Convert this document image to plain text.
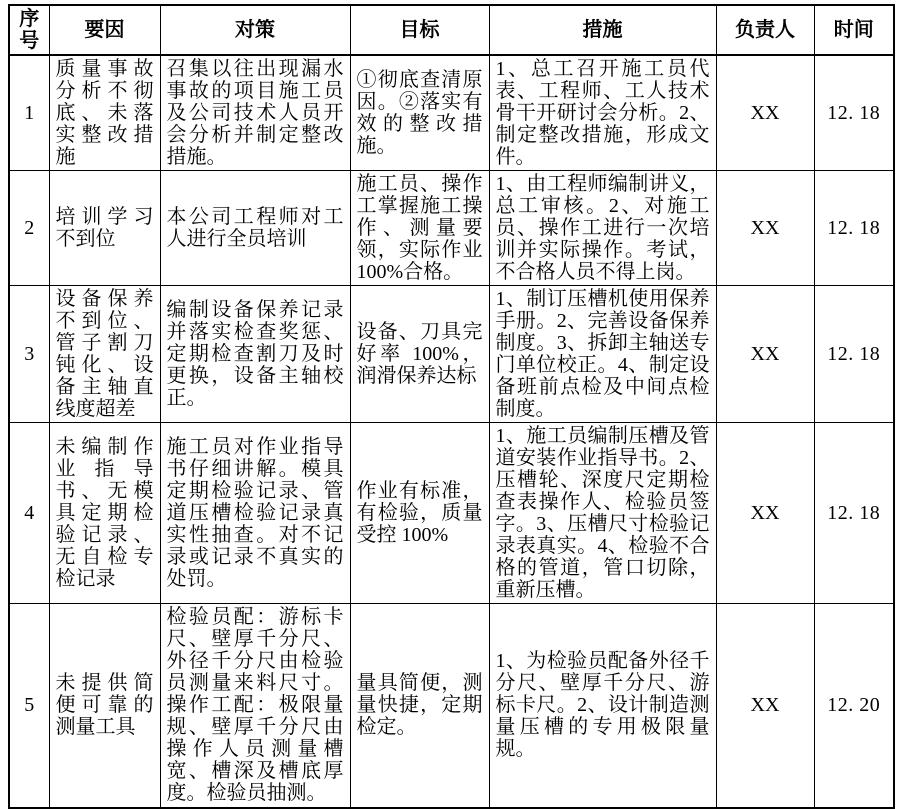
序号	要因	对策	目标	措施	负责人	时间
1	质量事故分析不彻底、未落实整改措施	召集以往出现漏水事故的项目施工员及公司技术人员开会分析并制定整改措施。	①彻底查清原因。②落实有效的整改措施。	1、总工召开施工员代表、工程师、工人技术骨干开研讨会分析。2、制定整改措施，形成文件。	XX	12. 18
2	培训学习不到位	本公司工程师对工人进行全员培训	施工员、操作工掌握施工操作、测量要领，实际作业 100%合格。	1、由工程师编制讲义，总工审核。2、对施工员、操作工进行一次培训并实际操作。考试，不合格人员不得上岗。	XX	12. 18
3	设备保养不到位、管子割刀钝化、设备主轴直线度超差	编制设备保养记录并落实检查奖惩、定期检查割刀及时更换，设备主轴校正。	设备、刀具完好率 100%，润滑保养达标	1、制订压槽机使用保养手册。2、完善设备保养制度。3、拆卸主轴送专门单位校正。4、制定设备班前点检及中间点检制度。	XX	12. 18
4	未编制作业指导书、无模具定期检验记录、无自检专检记录	施工员对作业指导书仔细讲解。模具定期检验记录、管道压槽检验记录真实性抽查。对不记录或记录不真实的处罚。	作业有标准，有检验，质量受控 100%	1、施工员编制压槽及管道安装作业指导书。2、压槽轮、深度尺定期检查表操作人、检验员签字。3、压槽尺寸检验记录表真实。4、检验不合格的管道，管口切除，重新压槽。	XX	12. 18
5	未提供简便可靠的测量工具	检验员配：游标卡尺、壁厚千分尺、外径千分尺由检验员测量来料尺寸。操作工配：极限量规、壁厚千分尺由操作人员测量槽宽、槽深及槽底厚度。检验员抽测。	量具简便，测量快捷，定期检定。	1、为检验员配备外径千分尺、壁厚千分尺、游标卡尺。2、设计制造测量压槽的专用极限量规。	XX	12. 20
